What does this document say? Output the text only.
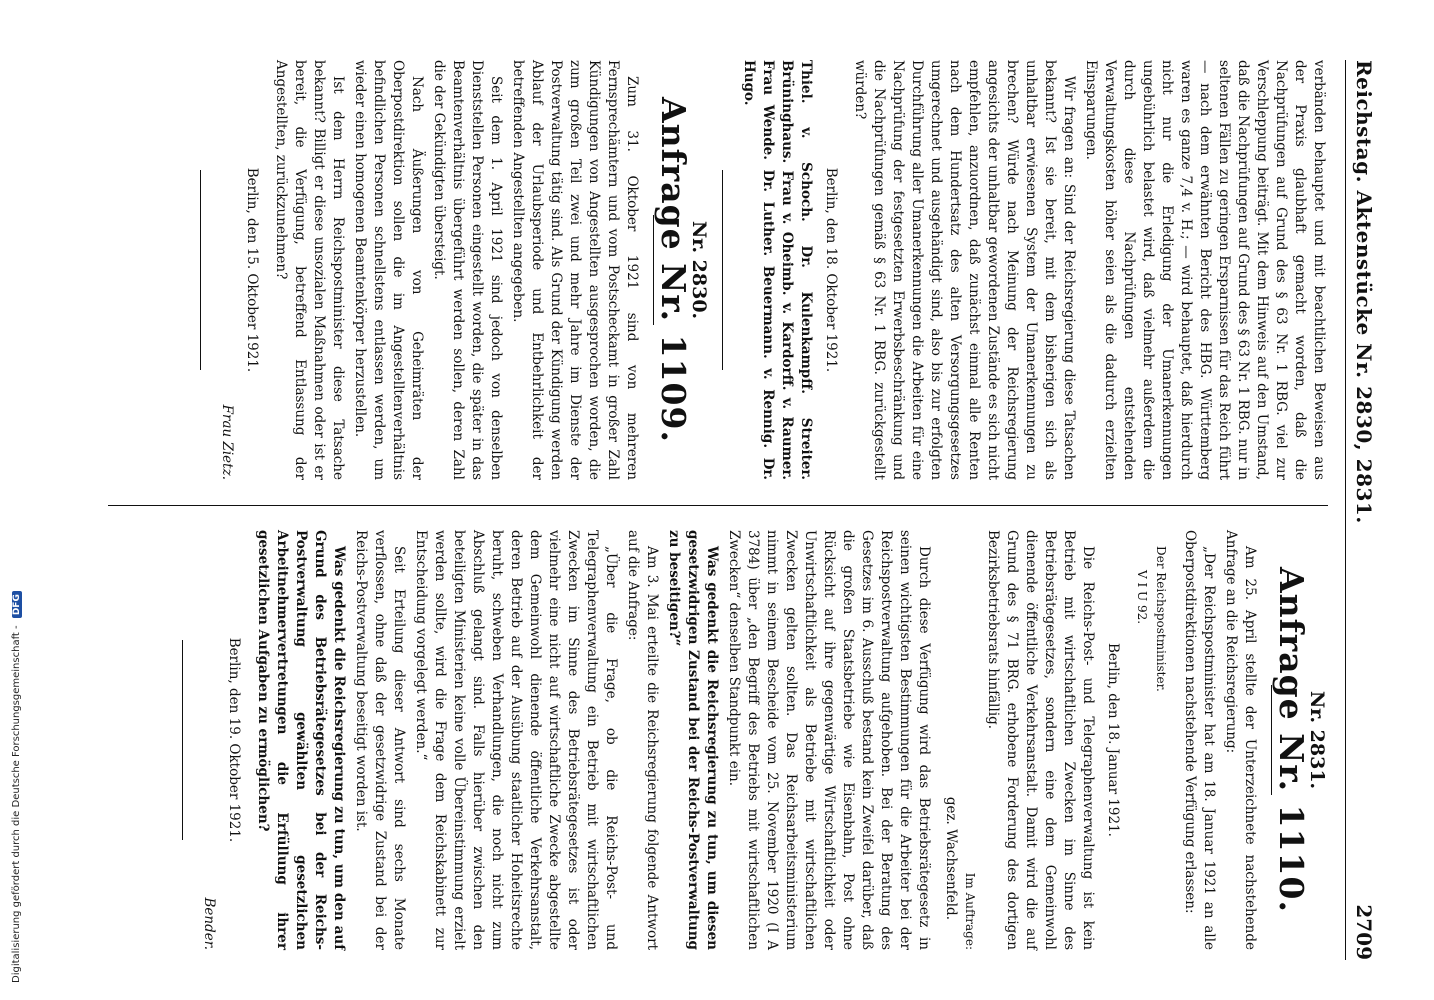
Digitalisierung gefördert durch die Deutsche Forschungsgemeinschaft - DFG
Reichstag. Aktenstücke Nr. 2830, 2831.
2709

verbänden behauptet und mit beachtlichen Beweisen aus der Praxis glaubhaft gemacht worden, daß die Nachprüfungen auf Grund des § 63 Nr. 1 RBG. viel zur Verschleppung beiträgt. Mit dem Hinweis auf den Umstand, daß die Nachprüfungen auf Grund des § 63 Nr. 1 RBG. nur in seltenen Fällen zu geringen Ersparnissen für das Reich führt — nach dem erwähnten Bericht des HBG. Württemberg waren es ganze 7,4 v. H.; — wird behauptet, daß hierdurch nicht nur die Erledigung der Umanerkennungen ungebührlich belastet wird, daß vielmehr außerdem die durch diese Nachprüfungen entstehenden Verwaltungskosten höher seien als die dadurch erzielten Einsparungen.

Wir fragen an: Sind der Reichsregierung diese Tatsachen bekannt? Ist sie bereit, mit dem bisherigen sich als unhaltbar erwiesenen System der Umanerkennungen zu brechen? Würde nach Meinung der Reichsregierung angesichts der unhaltbar gewordenen Zustände es sich nicht empfehlen, anzuordnen, daß zunächst einmal alle Renten nach dem Hundertsatz des alten Versorgungsgesetzes umgerechnet und ausgehändigt sind, also bis zur erfolgten Durchführung aller Umanerkennungen die Arbeiten für eine Nachprüfung der festgesetzten Erwerbsbeschränkung und die Nachprüfungen gemäß § 63 Nr. 1 RBG. zurückgestellt würden?

Berlin, den 18. Oktober 1921.
Thiel. v. Schoch. Dr. Kulenkampff. Streiter. Brüninghaus. Frau v. Oheimb. v. Kardorff. v. Raumer. Frau Wende. Dr. Luther. Beuermann. v. Rennig. Dr. Hugo.
Nr. 2830.
Anfrage Nr. 1109.

Zum 31. Oktober 1921 sind von mehreren Fernsprechämtern und vom Postscheckamt in großer Zahl Kündigungen von Angestellten ausgesprochen worden, die zum großen Teil zwei und mehr Jahre im Dienste der Postverwaltung tätig sind. Als Grund der Kündigung werden Ablauf der Urlaubsperiode und Entbehrlichkeit der betreffenden Angestellten angegeben.

Seit dem 1. April 1921 sind jedoch von denselben Dienststellen Personen eingestellt worden, die später in das Beamtenverhältnis übergeführt werden sollen, deren Zahl die der Gekündigten übersteigt.

Nach Äußerungen von Geheimräten der Oberpostdirektion sollen die im Angestelltenverhältnis befindlichen Personen schnellstens entlassen werden, um wieder einen homogenen Beamtenkörper herzustellen.

Ist dem Herrn Reichspostminister diese Tatsache bekannt? Billigt er diese unsozialen Maßnahmen oder ist er bereit, die Verfügung, betreffend Entlassung der Angestellten, zurückzunehmen?

Berlin, den 15. Oktober 1921.
Frau Zietz.
Nr. 2831.
Anfrage Nr. 1110.

Am 25. April stellte der Unterzeichnete nachstehende Anfrage an die Reichsregierung:

„Der Reichspostminister hat am 18. Januar 1921 an alle Oberpostdirektionen nachstehende Verfügung erlassen:

Der Reichspostminister.
V I U 92.
Berlin, den 18. Januar 1921.

Die Reichs-Post- und Telegraphenverwaltung ist kein Betrieb mit wirtschaftlichen Zwecken im Sinne des Betriebsrätegesetzes, sondern eine dem Gemeinwohl dienende öffentliche Verkehrsanstalt. Damit wird die auf Grund des § 71 BRG. erhobene Forderung des dortigen Bezirksbetriebsrats hinfällig.

Im Auftrage:
gez. Wachsenfeld.

Durch diese Verfügung wird das Betriebsrätegesetz in seinen wichtigsten Bestimmungen für die Arbeiter bei der Reichspostverwaltung aufgehoben. Bei der Beratung des Gesetzes im 6. Ausschuß bestand kein Zweifel darüber, daß die großen Staatsbetriebe wie Eisenbahn, Post ohne Rücksicht auf ihre gegenwärtige Wirtschaftlichkeit oder Unwirtschaftlichkeit als Betriebe mit wirtschaftlichen Zwecken gelten sollten. Das Reichsarbeitsministerium nimmt in seinem Bescheide vom 25. November 1920 (I A 3784) über „den Begriff des Betriebs mit wirtschaftlichen Zwecken“ denselben Standpunkt ein.

Was gedenkt die Reichsregierung zu tun, um diesen gesetzwidrigen Zustand bei der Reichs-Postverwaltung zu beseitigen?“

Am 3. Mai erteilte die Reichsregierung folgende Antwort auf die Anfrage:

„Über die Frage, ob die Reichs-Post- und Telegraphenverwaltung ein Betrieb mit wirtschaftlichen Zwecken im Sinne des Betriebsrätegesetzes ist oder vielmehr eine nicht auf wirtschaftliche Zwecke abgestellte dem Gemeinwohl dienende öffentliche Verkehrsanstalt, deren Betrieb auf der Ausübung staatlicher Hoheitsrechte beruht, schweben Verhandlungen, die noch nicht zum Abschluß gelangt sind. Falls hierüber zwischen den beteiligten Ministerien keine volle Übereinstimmung erzielt werden sollte, wird die Frage dem Reichskabinett zur Entscheidung vorgelegt werden.“

Seit Erteilung dieser Antwort sind sechs Monate verflossen, ohne daß der gesetzwidrige Zustand bei der Reichs-Postverwaltung beseitigt worden ist.

Was gedenkt die Reichsregierung zu tun, um den auf Grund des Betriebsrätegesetzes bei der Reichs-Postverwaltung gewählten gesetzlichen Arbeitnehmervertretungen die Erfüllung ihrer gesetzlichen Aufgaben zu ermöglichen?

Berlin, den 19. Oktober 1921.
Bender.
